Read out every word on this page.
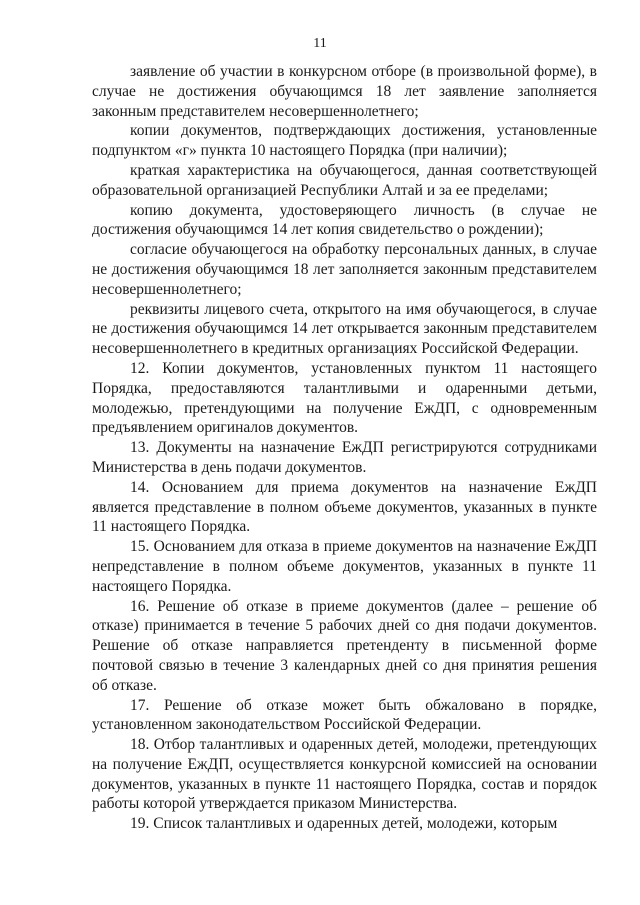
11

заявление об участии в конкурсном отборе (в произвольной форме), в случае не достижения обучающимся 18 лет заявление заполняется законным представителем несовершеннолетнего;

копии документов, подтверждающих достижения, установленные подпунктом «г» пункта 10 настоящего Порядка (при наличии);

краткая характеристика на обучающегося, данная соответствующей образовательной организацией Республики Алтай и за ее пределами;

копию документа, удостоверяющего личность (в случае не достижения обучающимся 14 лет копия свидетельство о рождении);

согласие обучающегося на обработку персональных данных, в случае не достижения обучающимся 18 лет заполняется законным представителем несовершеннолетнего;

реквизиты лицевого счета, открытого на имя обучающегося, в случае не достижения обучающимся 14 лет открывается законным представителем несовершеннолетнего в кредитных организациях Российской Федерации.

12. Копии документов, установленных пунктом 11 настоящего Порядка, предоставляются талантливыми и одаренными детьми, молодежью, претендующими на получение ЕжДП, с одновременным предъявлением оригиналов документов.

13. Документы на назначение ЕжДП регистрируются сотрудниками Министерства в день подачи документов.

14. Основанием для приема документов на назначение ЕжДП является представление в полном объеме документов, указанных в пункте 11 настоящего Порядка.

15. Основанием для отказа в приеме документов на назначение ЕжДП непредставление в полном объеме документов, указанных в пункте 11 настоящего Порядка.

16. Решение об отказе в приеме документов (далее – решение об отказе) принимается в течение 5 рабочих дней со дня подачи документов. Решение об отказе направляется претенденту в письменной форме почтовой связью в течение 3 календарных дней со дня принятия решения об отказе.

17. Решение об отказе может быть обжаловано в порядке, установленном законодательством Российской Федерации.

18. Отбор талантливых и одаренных детей, молодежи, претендующих на получение ЕжДП, осуществляется конкурсной комиссией на основании документов, указанных в пункте 11 настоящего Порядка, состав и порядок работы которой утверждается приказом Министерства.

19. Список талантливых и одаренных детей, молодежи, которым
